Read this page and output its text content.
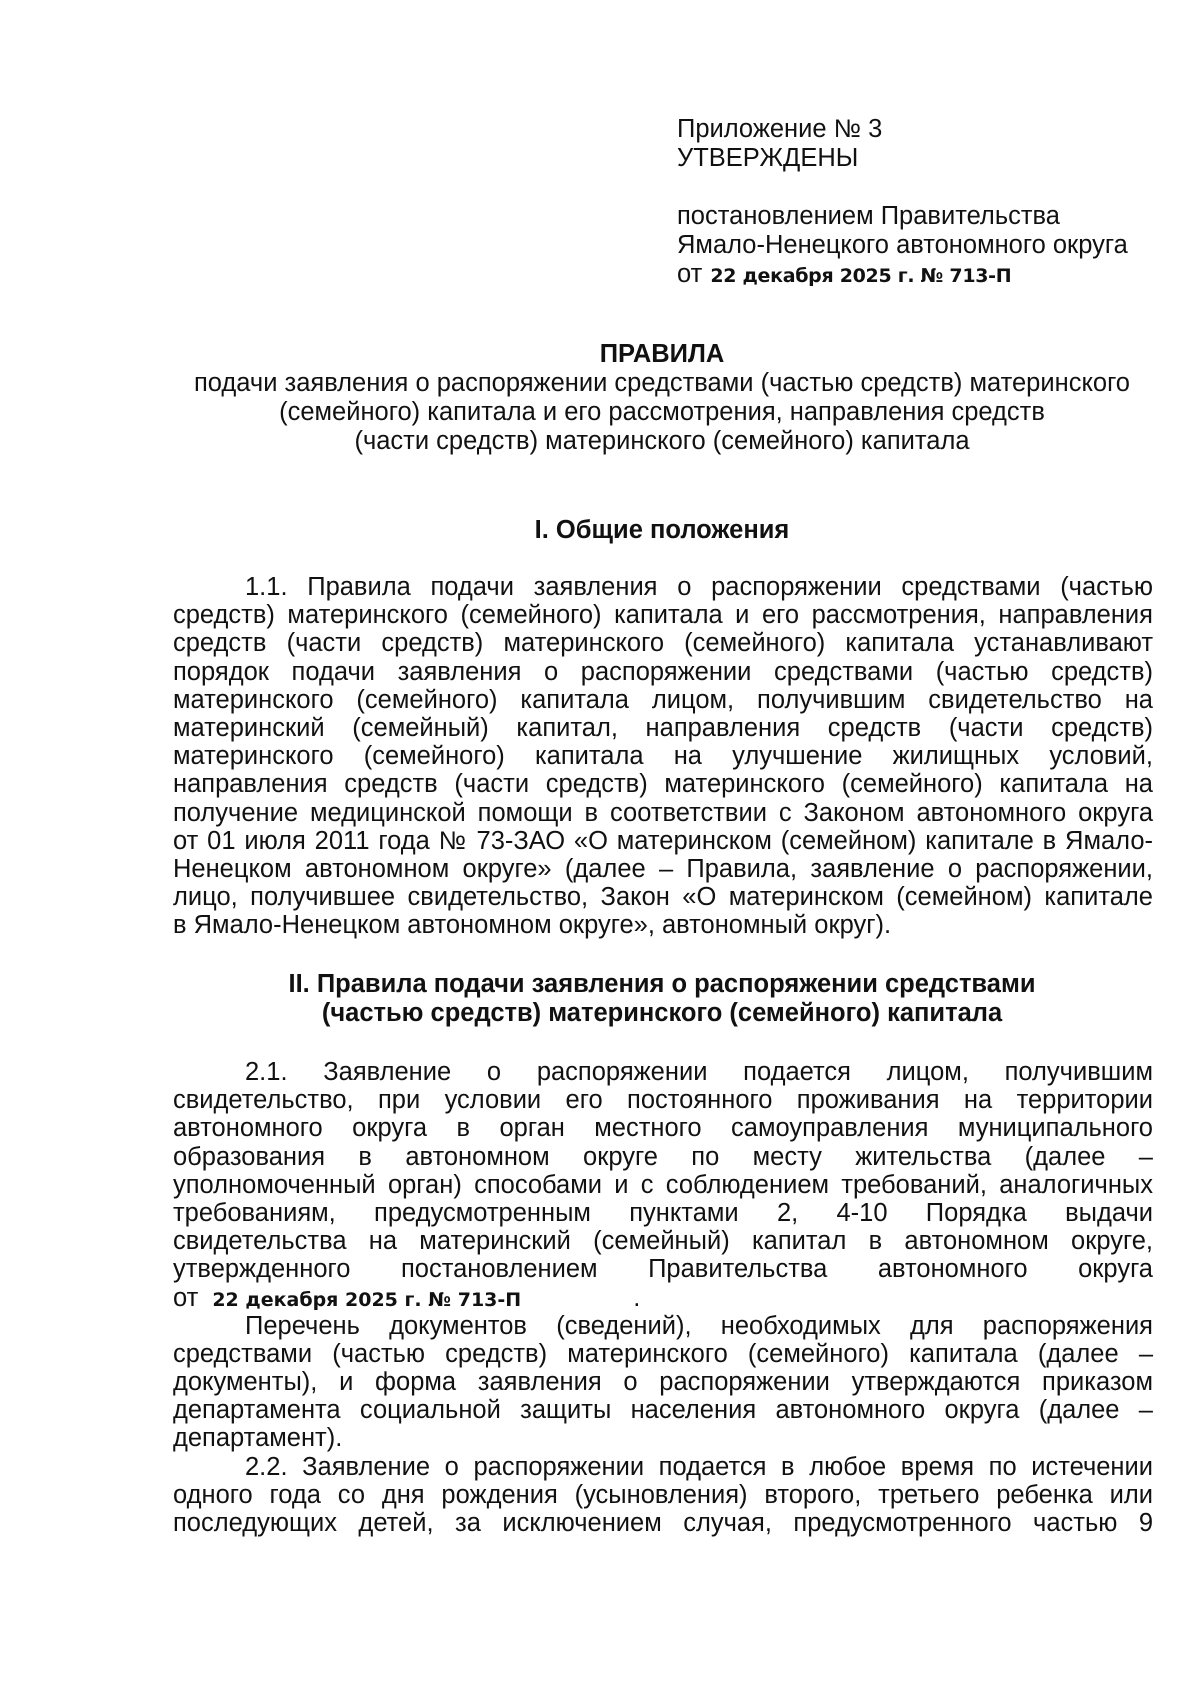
Приложение № 3
УТВЕРЖДЕНЫ
постановлением Правительства
Ямало-Ненецкого автономного округа
от 22 декабря 2025 г. № 713-П
ПРАВИЛА
подачи заявления о распоряжении средствами (частью средств) материнского
(семейного) капитала и его рассмотрения, направления средств
(части средств) материнского (семейного) капитала
I. Общие положения
1.1. Правила подачи заявления о распоряжении средствами (частью
средств) материнского (семейного) капитала и его рассмотрения, направления
средств (части средств) материнского (семейного) капитала устанавливают
порядок подачи заявления о распоряжении средствами (частью средств)
материнского (семейного) капитала лицом, получившим свидетельство на
материнский (семейный) капитал, направления средств (части средств)
материнского (семейного) капитала на улучшение жилищных условий,
направления средств (части средств) материнского (семейного) капитала на
получение медицинской помощи в соответствии с Законом автономного округа
от 01 июля 2011 года № 73-ЗАО «О материнском (семейном) капитале в Ямало-
Ненецком автономном округе» (далее – Правила, заявление о распоряжении,
лицо, получившее свидетельство, Закон «О материнском (семейном) капитале
в Ямало-Ненецком автономном округе», автономный округ).
II. Правила подачи заявления о распоряжении средствами
(частью средств) материнского (семейного) капитала
2.1. Заявление о распоряжении подается лицом, получившим
свидетельство, при условии его постоянного проживания на территории
автономного округа в орган местного самоуправления муниципального
образования в автономном округе по месту жительства (далее –
уполномоченный орган) способами и с соблюдением требований, аналогичных
требованиям, предусмотренным пунктами 2, 4-10 Порядка выдачи
свидетельства на материнский (семейный) капитал в автономном округе,
утвержденного постановлением Правительства автономного округа
от 22 декабря 2025 г. № 713-П	.
Перечень документов (сведений), необходимых для распоряжения
средствами (частью средств) материнского (семейного) капитала (далее –
документы), и форма заявления о распоряжении утверждаются приказом
департамента социальной защиты населения автономного округа (далее –
департамент).
2.2. Заявление о распоряжении подается в любое время по истечении
одного года со дня рождения (усыновления) второго, третьего ребенка или
последующих детей, за исключением случая, предусмотренного частью 9
